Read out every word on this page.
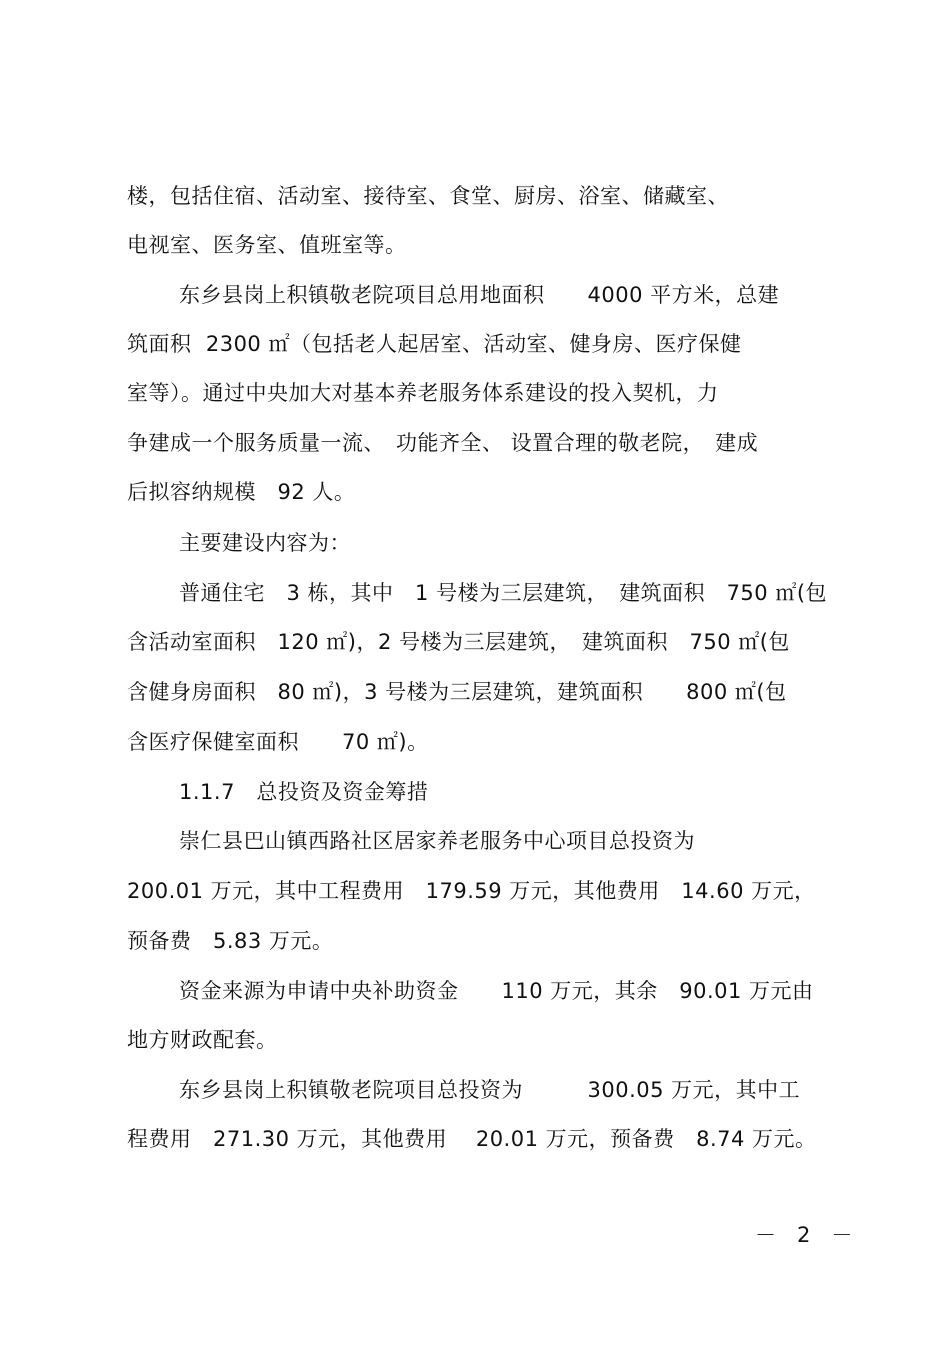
楼，包括住宿、活动室、接待室、食堂、厨房、浴室、储藏室、
电视室、医务室、值班室等。
东乡县岗上积镇敬老院项目总用地面积　　4000 平方米，总建
筑面积  2300 ㎡（包括老人起居室、活动室、健身房、医疗保健
室等）。通过中央加大对基本养老服务体系建设的投入契机，力
争建成一个服务质量一流、　功能齐全、 设置合理的敬老院，　建成
后拟容纳规模　92 人。
主要建设内容为：
普通住宅　3 栋，其中　1 号楼为三层建筑，　建筑面积　750 ㎡(包
含活动室面积　120 ㎡)，2 号楼为三层建筑，　建筑面积　750 ㎡(包
含健身房面积　80 ㎡)，3 号楼为三层建筑，建筑面积　　800 ㎡(包
含医疗保健室面积　　70 ㎡)。
1.1.7　总投资及资金筹措
崇仁县巴山镇西路社区居家养老服务中心项目总投资为
200.01 万元，其中工程费用　179.59 万元，其他费用　14.60 万元，
预备费　5.83 万元。
资金来源为申请中央补助资金　　110 万元，其余　90.01 万元由
地方财政配套。
东乡县岗上积镇敬老院项目总投资为　　　300.05 万元，其中工
程费用　271.30 万元，其他费用　 20.01 万元，预备费　8.74 万元。
－　2　－
